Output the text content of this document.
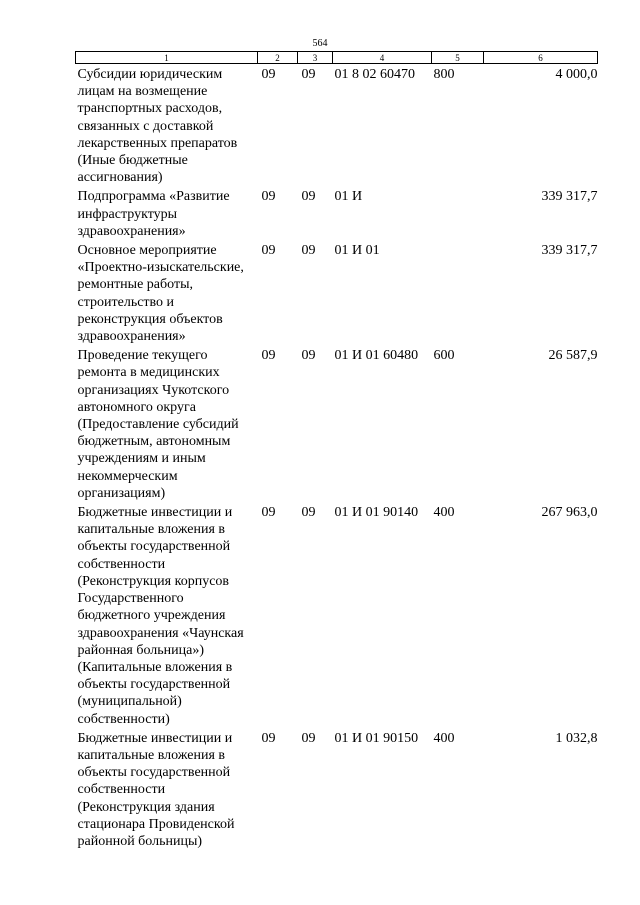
564
1	2	3	4	5	6
Субсидии юридическим лицам на возмещение транспортных расходов, связанных с доставкой лекарственных препаратов (Иные бюджетные ассигнования)	09	09	01 8 02 60470	800	4 000,0
Подпрограмма «Развитие инфраструктуры здравоохранения»	09	09	01 И		339 317,7
Основное мероприятие «Проектно-изыскательские, ремонтные работы, строительство и реконструкция объектов здравоохранения»	09	09	01 И 01		339 317,7
Проведение текущего ремонта в медицинских организациях Чукотского автономного округа (Предоставление субсидий бюджетным, автономным учреждениям и иным некоммерческим организациям)	09	09	01 И 01 60480	600	26 587,9
Бюджетные инвестиции и капитальные вложения в объекты государственной собственности (Реконструкция корпусов Государственного бюджетного учреждения здравоохранения «Чаунская районная больница») (Капитальные вложения в объекты государственной (муниципальной) собственности)	09	09	01 И 01 90140	400	267 963,0
Бюджетные инвестиции и капитальные вложения в объекты государственной собственности (Реконструкция здания стационара Провиденской районной больницы)	09	09	01 И 01 90150	400	1 032,8
